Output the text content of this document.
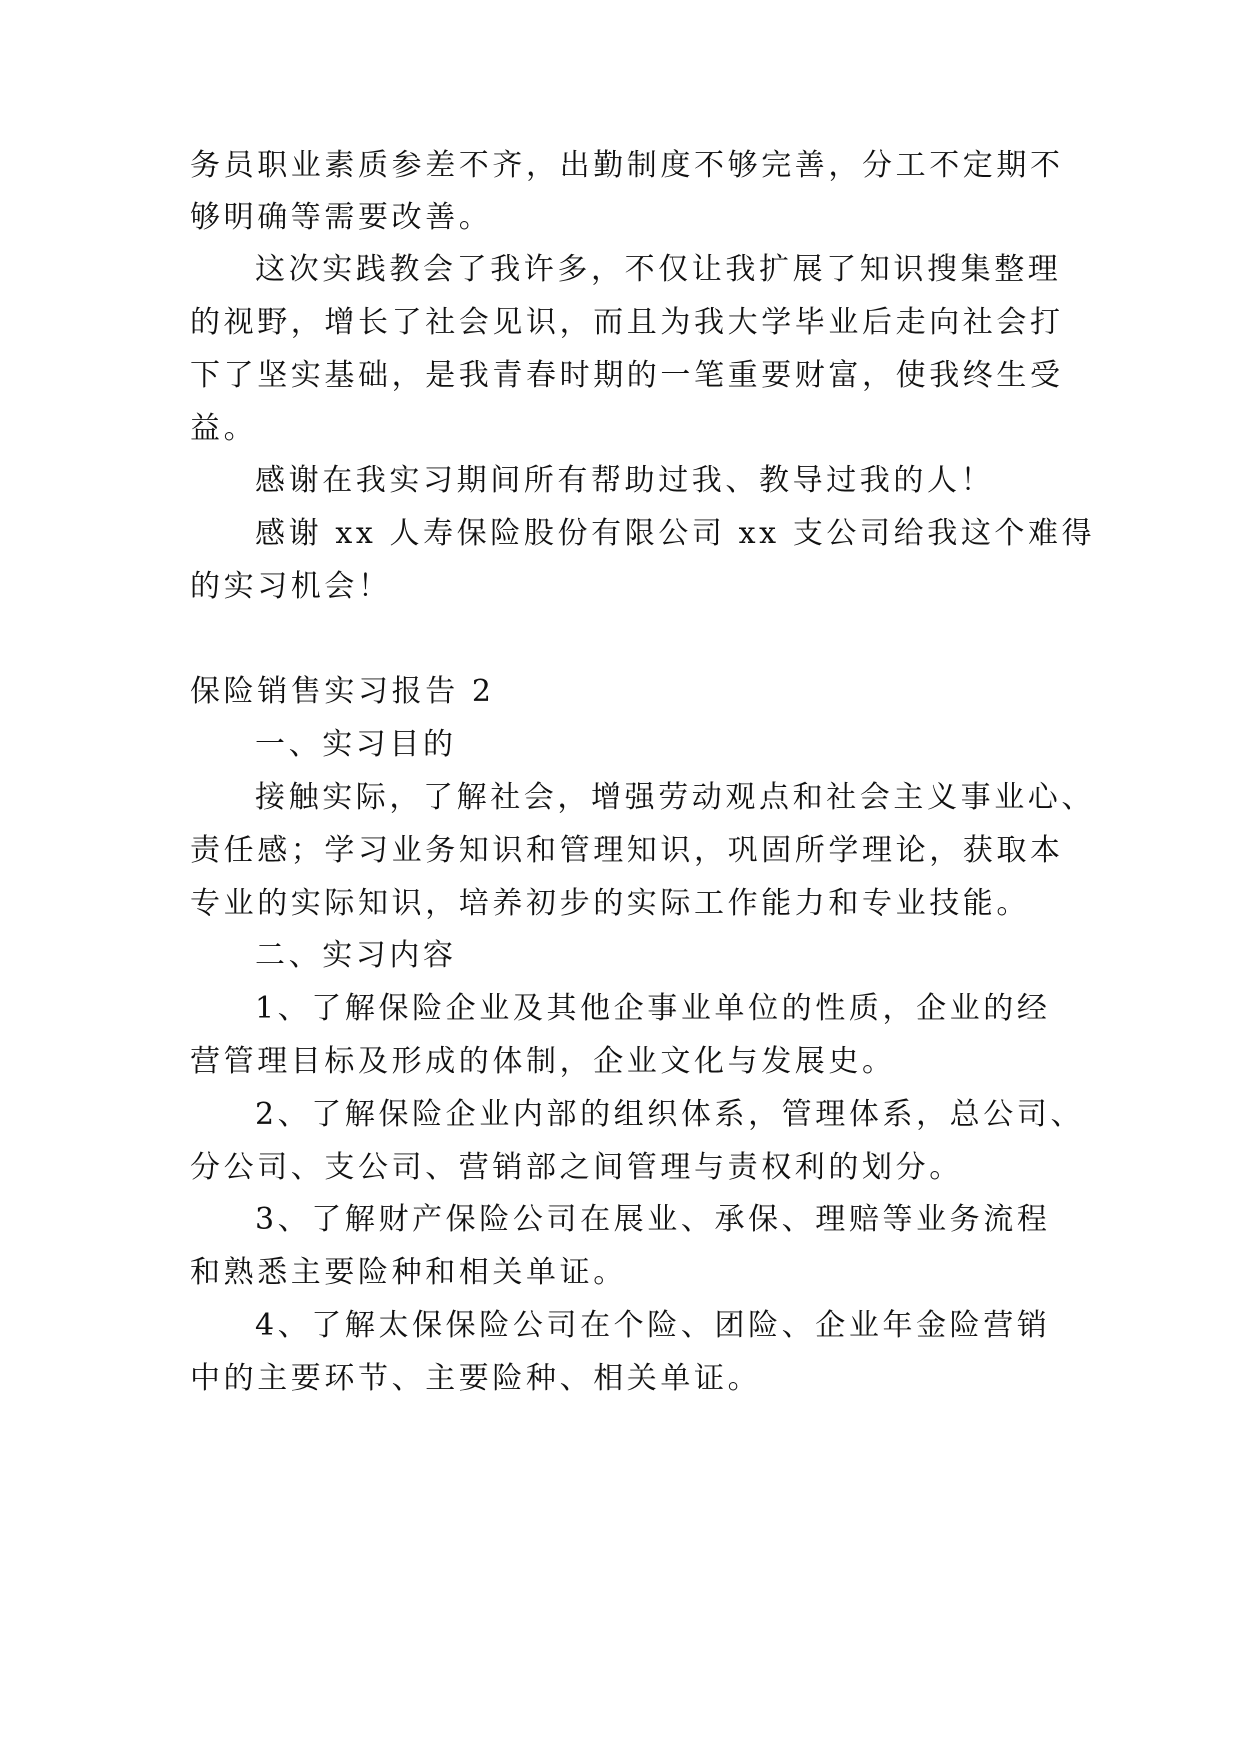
务员职业素质参差不齐，出勤制度不够完善，分工不定期不
够明确等需要改善。
这次实践教会了我许多，不仅让我扩展了知识搜集整理
的视野，增长了社会见识，而且为我大学毕业后走向社会打
下了坚实基础，是我青春时期的一笔重要财富，使我终生受
益。
感谢在我实习期间所有帮助过我、教导过我的人！
感谢 xx 人寿保险股份有限公司 xx 支公司给我这个难得
的实习机会！
保险销售实习报告 2
一、实习目的
接触实际，了解社会，增强劳动观点和社会主义事业心、
责任感；学习业务知识和管理知识，巩固所学理论，获取本
专业的实际知识，培养初步的实际工作能力和专业技能。
二、实习内容
1、了解保险企业及其他企事业单位的性质，企业的经
营管理目标及形成的体制，企业文化与发展史。
2、了解保险企业内部的组织体系，管理体系，总公司、
分公司、支公司、营销部之间管理与责权利的划分。
3、了解财产保险公司在展业、承保、理赔等业务流程
和熟悉主要险种和相关单证。
4、了解太保保险公司在个险、团险、企业年金险营销
中的主要环节、主要险种、相关单证。
